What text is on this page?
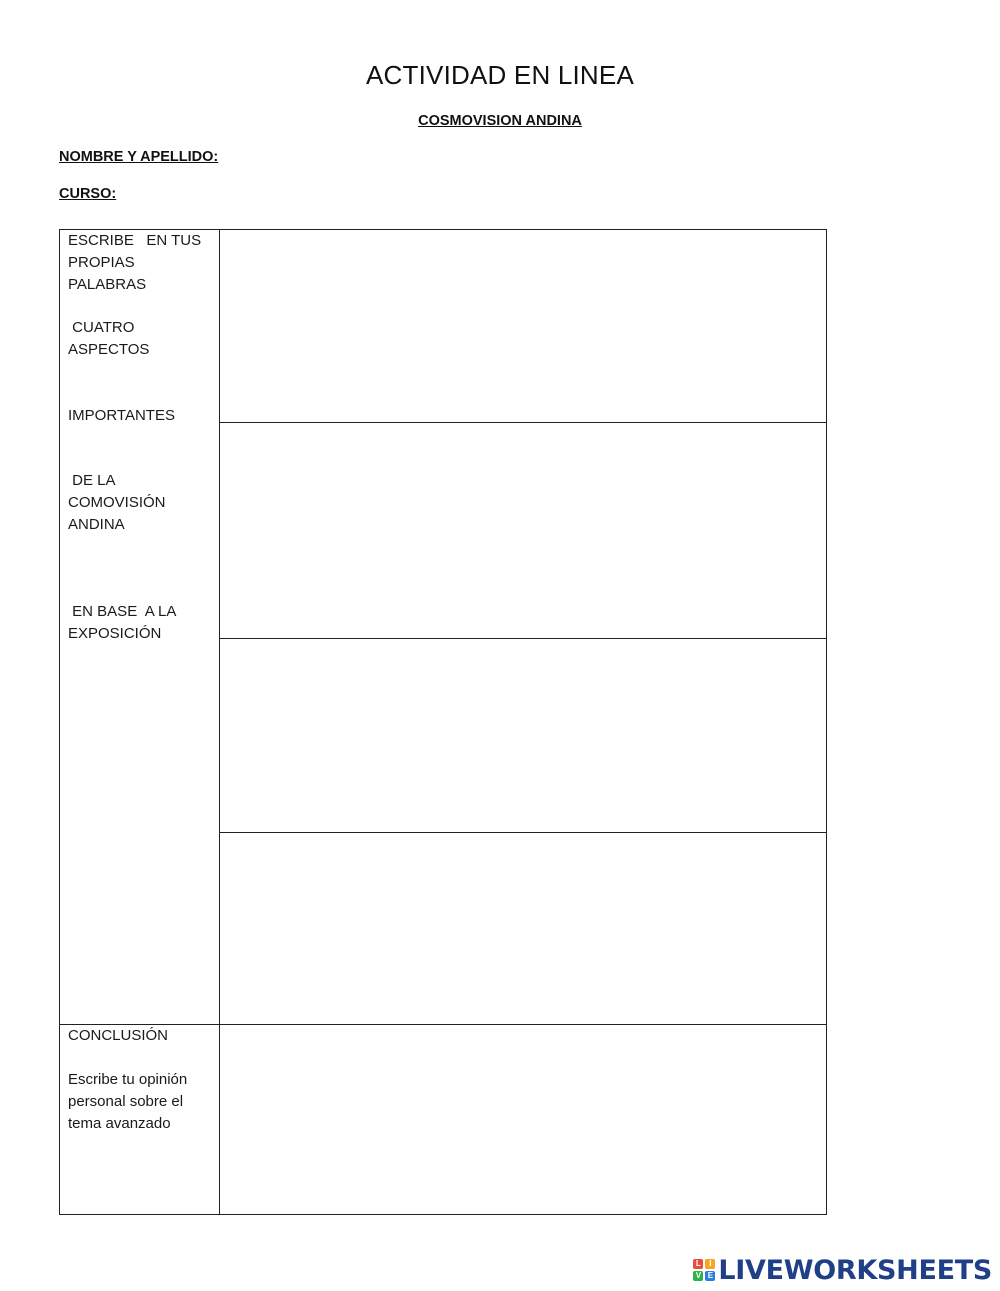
ACTIVIDAD EN LINEA
COSMOVISION ANDINA
NOMBRE Y APELLIDO:
CURSO:

ESCRIBE   EN TUS PROPIAS PALABRAS

CUATRO ASPECTOS

IMPORTANTES

DE LA COMOVISIÓN ANDINA

EN BASE  A LA EXPOSICIÓN

CONCLUSIÓN

Escribe tu opinión personal sobre el tema avanzado

L	I
V E LIVEWORKSHEETS
